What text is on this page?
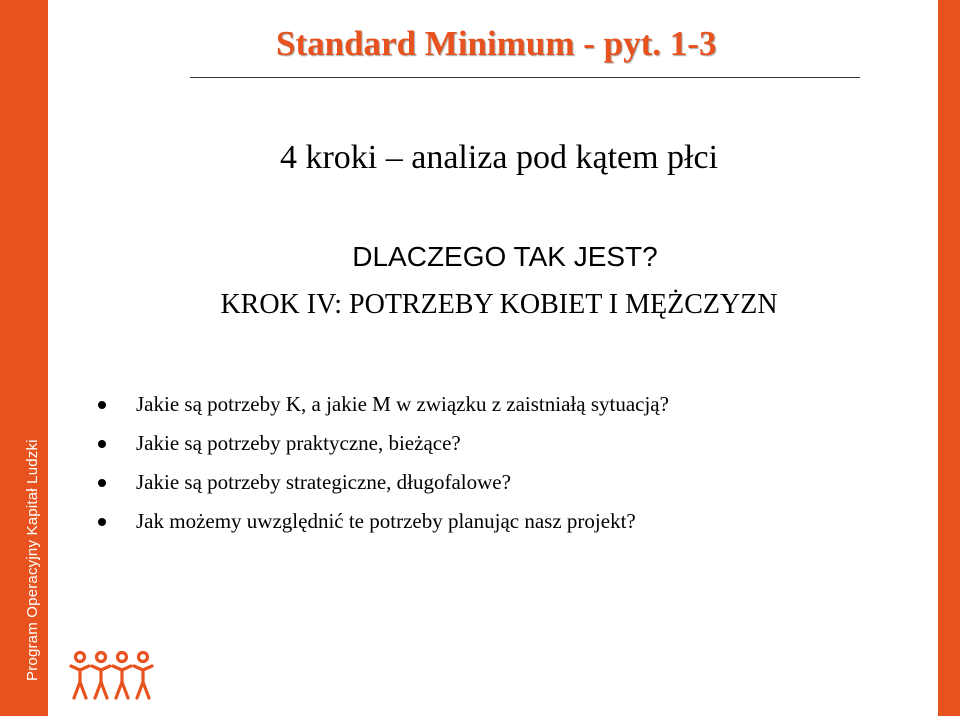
Program Operacyjny Kapitał Ludzki
Standard Minimum - pyt. 1-3
4 kroki – analiza pod kątem płci
DLACZEGO TAK JEST?
KROK IV: POTRZEBY KOBIET I MĘŻCZYZN
Jakie są potrzeby K, a jakie M w związku z zaistniałą sytuacją?
Jakie są potrzeby praktyczne, bieżące?
Jakie są potrzeby strategiczne, długofalowe?
Jak możemy uwzględnić te potrzeby planując nasz projekt?
